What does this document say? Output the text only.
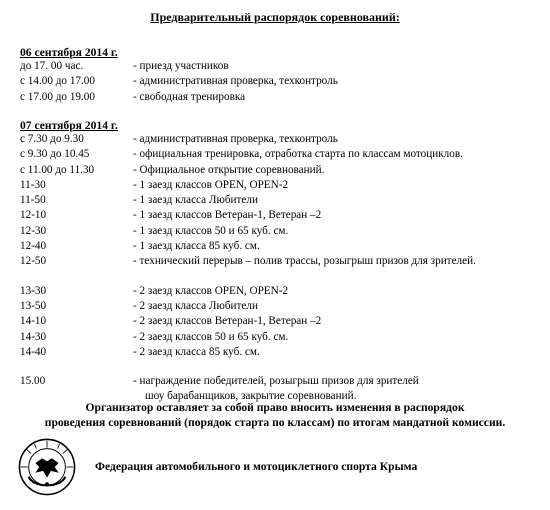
Предварительный распорядок соревнований:
06 сентября 2014 г.
до 17. 00 час.	- приезд участников
с 14.00 до 17.00	- административная проверка, техконтроль
с 17.00 до 19.00	- свободная тренировка
07 сентября 2014 г.
с 7.30 до 9.30	- административная проверка, техконтроль
с 9.30 до 10.45	- официальная тренировка, отработка старта по классам мотоциклов.
с 11.00 до 11.30	- Официальное открытие соревнований.
11-30	- 1 заезд классов OPEN, OPEN-2
11-50	- 1 заезд класса Любители
12-10	- 1 заезд классов Ветеран-1, Ветеран –2
12-30	- 1 заезд классов 50 и 65 куб. см.
12-40	- 1 заезд класса 85 куб. см.
12-50	- технический перерыв – полив трассы, розыгрыш призов для зрителей.
13-30	- 2 заезд классов OPEN, OPEN-2
13-50	- 2 заезд класса Любители
14-10	- 2 заезд классов Ветеран-1, Ветеран –2
14-30	- 2 заезд классов 50 и 65 куб. см.
14-40	- 2 заезд класса 85 куб. см.
15.00	- награждение победителей, розыгрыш призов для зрителей
шоу барабанщиков, закрытие соревнований.
Организатор оставляет за собой право вносить изменения в распорядок
проведения соревнований (порядок старта по классам) по итогам мандатной комиссии.
Федерация автомобильного и мотоциклетного спорта Крыма
